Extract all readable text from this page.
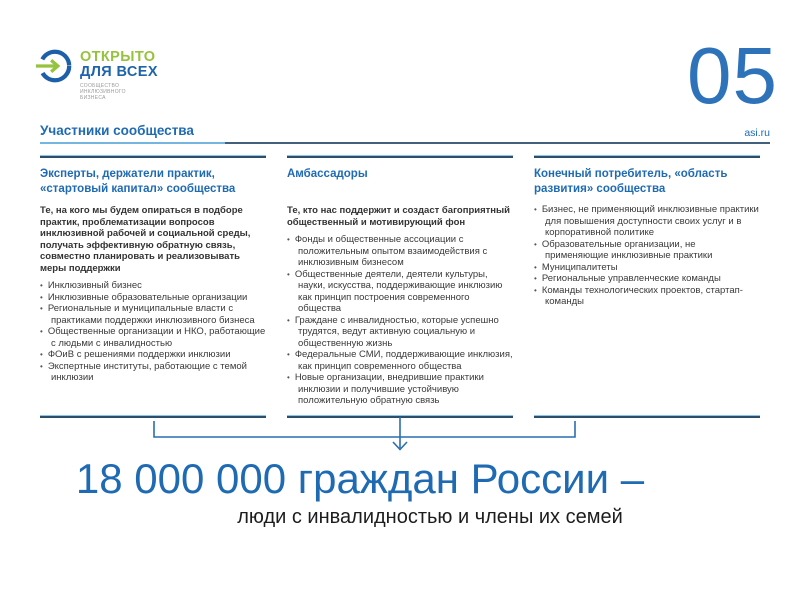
ОТКРЫТО
ДЛЯ ВСЕХ
СООБЩЕСТВО ИНКЛЮЗИВНОГО БИЗНЕСА	05
Участники сообщества	asi.ru
Эксперты, держатели практик, «стартовый капитал» сообщества

Те, на кого мы будем опираться в подборе практик, проблематизации вопросов инклюзивной рабочей и социальной среды, получать эффективную обратную связь, совместно планировать и реализовывать меры поддержки

• Инклюзивный бизнес
• Инклюзивные образовательные организации
• Региональные и муниципальные власти с практиками поддержки инклюзивного бизнеса
• Общественные организации и НКО, работающие с людьми с инвалидностью
• ФОиВ с решениями поддержки инклюзии
• Экспертные институты, работающие с темой инклюзии
Амбассадоры

Те, кто нас поддержит и создаст багоприятный общественный и мотивирующий фон

• Фонды и общественные ассоциации с положительным опытом взаимодействия с инклюзивным бизнесом
• Общественные деятели, деятели культуры, науки, искусства, поддерживающие инклюзию как принцип построения современного общества
• Граждане с инвалидностью, которые успешно трудятся, ведут активную социальную и общественную жизнь
• Федеральные СМИ, поддерживающие инклюзия, как принцип современного общества
• Новые организации, внедрившие практики инклюзии и получившие устойчивую положительную обратную связь
Конечный потребитель, «область развития» сообщества
• Бизнес, не применяющий инклюзивные практики для повышения доступности своих услуг и в корпоративной политике
• Образовательные организации, не применяющие инклюзивные практики
• Муниципалитеты
• Региональные управленческие команды
• Команды технологических проектов, стартап-команды
18 000 000 граждан России –
люди с инвалидностью и члены их семей
